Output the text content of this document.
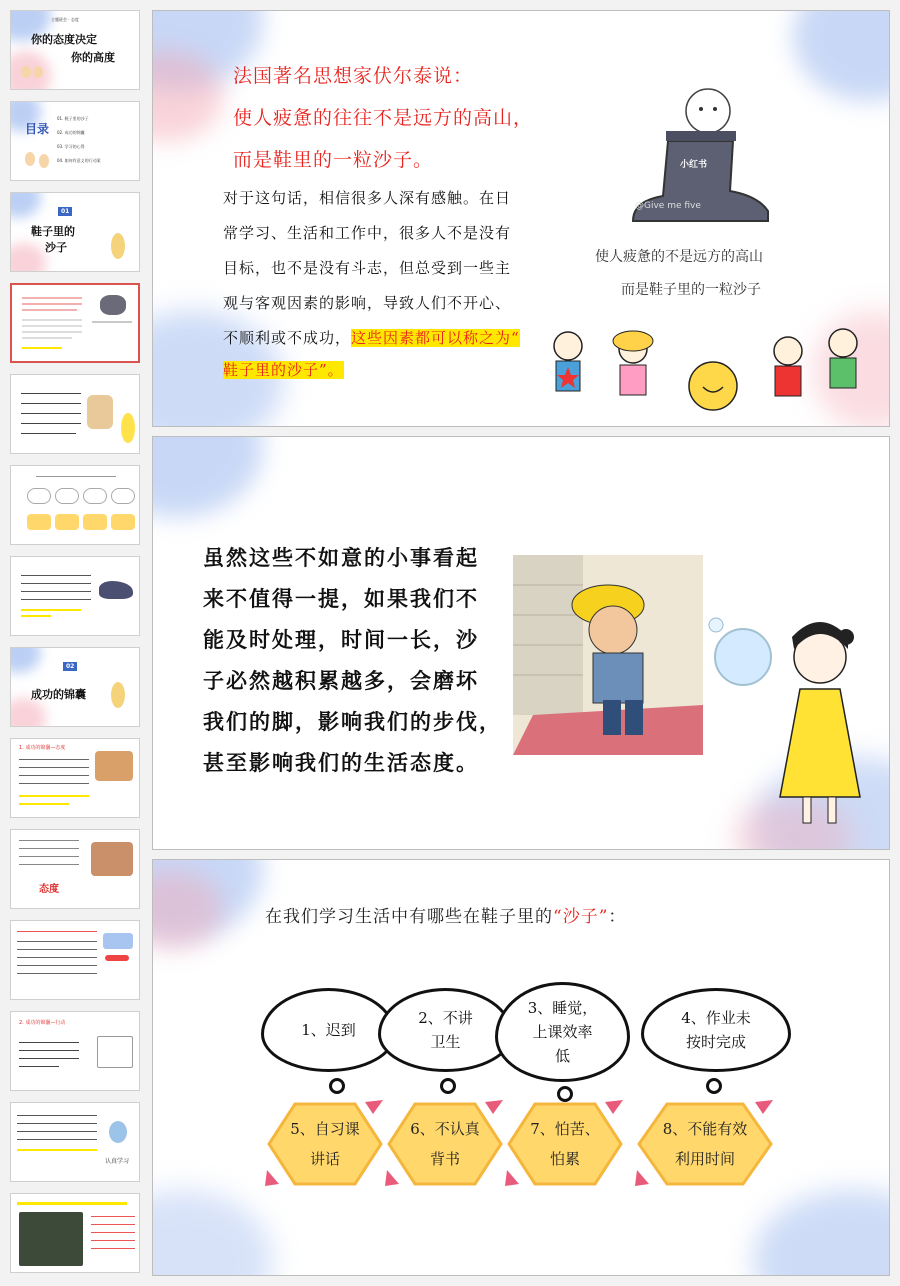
主题班会 · 态度
你的态度决定
你的高度
目录
01. 鞋子里的沙子
02. 成功的锦囊
03. 学习的心得
04. 如何有意义的行动案
01
鞋子里的
沙子
02
成功的锦囊
1. 成功的锦囊—态度
态度
2. 成功的锦囊—行动
认真学习
法国著名思想家伏尔泰说：
使人疲惫的往往不是远方的高山，
而是鞋里的一粒沙子。
对于这句话，相信很多人深有感触。在日
常学习、生活和工作中，很多人不是没有
目标，也不是没有斗志，但总受到一些主
观与客观因素的影响，导致人们不开心、
不顺利或不成功，这些因素都可以称之为“
鞋子里的沙子”。
小红书
@Give me five
使人疲惫的不是远方的高山
而是鞋子里的一粒沙子
虽然这些不如意的小事看起
来不值得一提，如果我们不
能及时处理，时间一长，沙
子必然越积累越多，会磨坏
我们的脚，影响我们的步伐，
甚至影响我们的生活态度。
在我们学习生活中有哪些在鞋子里的“沙子”：
1、迟到
2、不讲
卫生
3、睡觉，
上课效率
低
4、作业未
按时完成
5、自习课
讲话
6、不认真
背书
7、怕苦、
怕累
8、不能有效
利用时间
